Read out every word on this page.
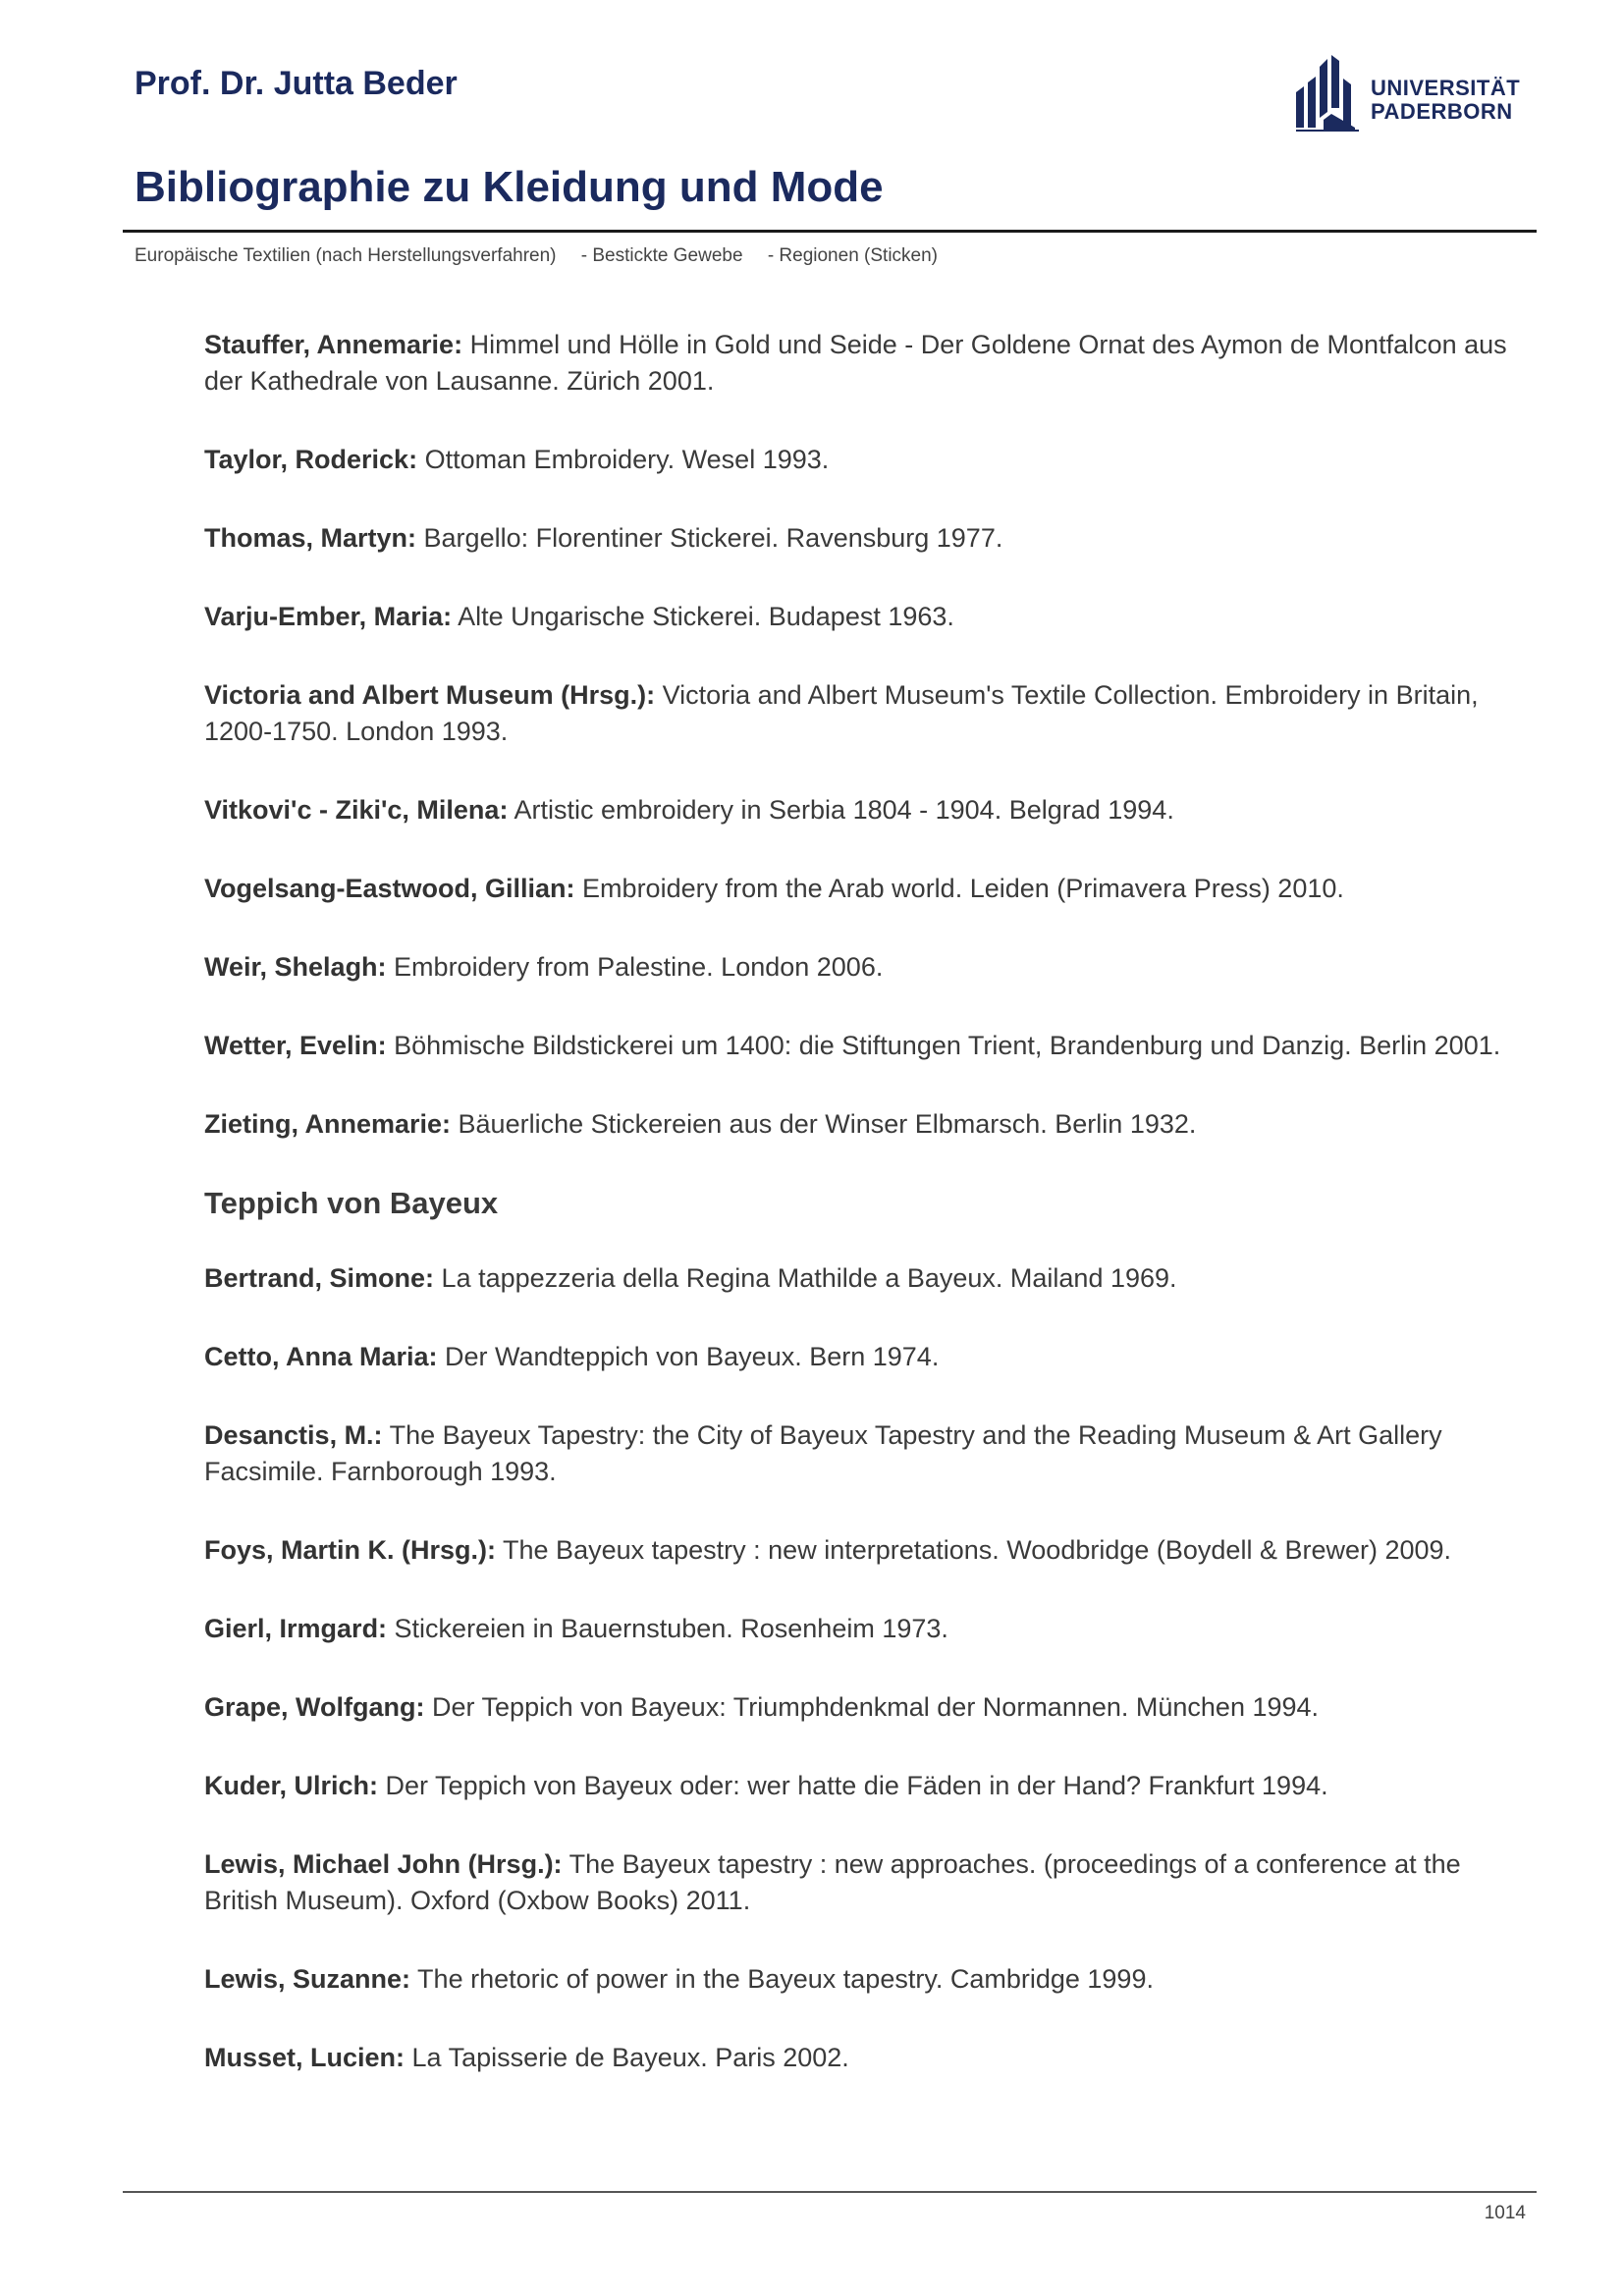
Prof. Dr. Jutta Beder	UNIVERSITÄT
PADERBORN
Bibliographie zu Kleidung und Mode
Europäische Textilien (nach Herstellungsverfahren) - Bestickte Gewebe - Regionen (Sticken)
Stauffer, Annemarie: Himmel und Hölle in Gold und Seide - Der Goldene Ornat des Aymon de Montfalcon aus der Kathedrale von Lausanne. Zürich 2001.
Taylor, Roderick: Ottoman Embroidery. Wesel 1993.
Thomas, Martyn: Bargello: Florentiner Stickerei. Ravensburg 1977.
Varju-Ember, Maria: Alte Ungarische Stickerei. Budapest 1963.
Victoria and Albert Museum (Hrsg.): Victoria and Albert Museum's Textile Collection. Embroidery in Britain, 1200-1750. London 1993.
Vitkovi'c - Ziki'c, Milena: Artistic embroidery in Serbia 1804 - 1904. Belgrad 1994.
Vogelsang-Eastwood, Gillian: Embroidery from the Arab world. Leiden (Primavera Press) 2010.
Weir, Shelagh: Embroidery from Palestine. London 2006.
Wetter, Evelin: Böhmische Bildstickerei um 1400: die Stiftungen Trient, Brandenburg und Danzig. Berlin 2001.
Zieting, Annemarie: Bäuerliche Stickereien aus der Winser Elbmarsch. Berlin 1932.
Teppich von Bayeux
Bertrand, Simone: La tappezzeria della Regina Mathilde a Bayeux. Mailand 1969.
Cetto, Anna Maria: Der Wandteppich von Bayeux. Bern 1974.
Desanctis, M.: The Bayeux Tapestry: the City of Bayeux Tapestry and the Reading Museum & Art Gallery Facsimile. Farnborough 1993.
Foys, Martin K. (Hrsg.): The Bayeux tapestry : new interpretations. Woodbridge (Boydell & Brewer) 2009.
Gierl, Irmgard: Stickereien in Bauernstuben. Rosenheim 1973.
Grape, Wolfgang: Der Teppich von Bayeux: Triumphdenkmal der Normannen. München 1994.
Kuder, Ulrich: Der Teppich von Bayeux oder: wer hatte die Fäden in der Hand? Frankfurt 1994.
Lewis, Michael John (Hrsg.): The Bayeux tapestry : new approaches. (proceedings of a conference at the British Museum). Oxford (Oxbow Books) 2011.
Lewis, Suzanne: The rhetoric of power in the Bayeux tapestry. Cambridge 1999.
Musset, Lucien: La Tapisserie de Bayeux. Paris 2002.
1014
